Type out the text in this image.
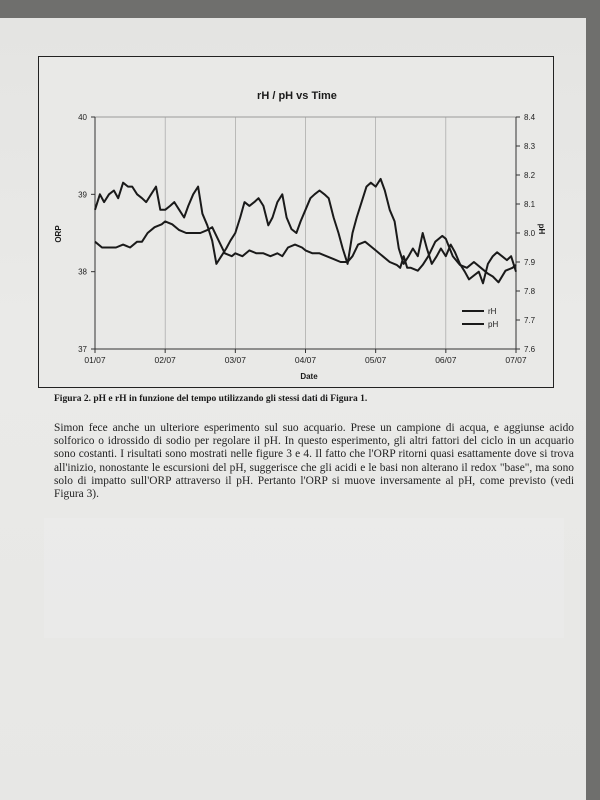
rH / pH vs Time
Date
ORP	pH
37
38
39
40
7.6
7.7
7.8
7.9
8.0
8.1
8.2
8.3
8.4
01/07	02/07	03/07	04/07	05/07	06/07	07/07
rH
pH
Figura 2. pH e rH in funzione del tempo utilizzando gli stessi dati di Figura 1.
Simon fece anche un ulteriore esperimento sul suo acquario. Prese un campione di acqua, e aggiunse acido solforico o idrossido di sodio per regolare il pH. In questo esperimento, gli altri fattori del ciclo in un acquario sono costanti. I risultati sono mostrati nelle figure 3 e 4. Il fatto che l'ORP ritorni quasi esattamente dove si trova all'inizio, nonostante le escursioni del pH, suggerisce che gli acidi e le basi non alterano il redox "base", ma sono solo di impatto sull'ORP attraverso il pH. Pertanto l'ORP si muove inversamente al pH, come previsto (vedi Figura 3).
